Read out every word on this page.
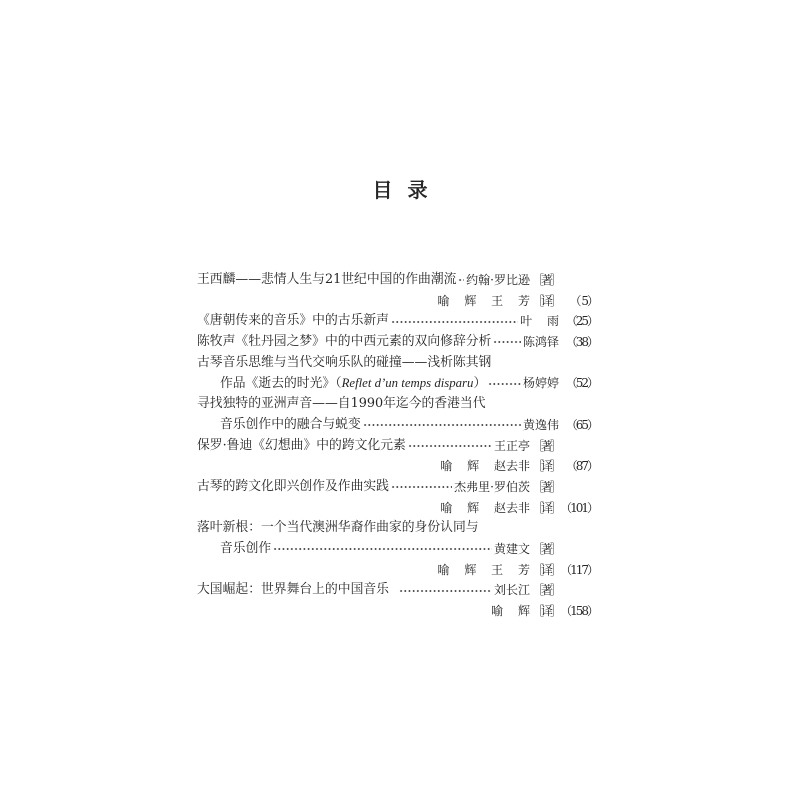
目 录
王西麟——悲情人生与21世纪中国的作曲潮流 约翰·罗比逊 ［著］
喻 辉 王 芳 ［译］ （ 5）
《唐朝传来的音乐》中的古乐新声	叶 雨 （25）
陈牧声《牡丹园之梦》中的中西元素的双向修辞分析	陈鸿铎 （38）
古琴音乐思维与当代交响乐队的碰撞——浅析陈其钢
作品《逝去的时光》（Reflet d’un temps disparu）	杨婷婷 （52）
寻找独特的亚洲声音——自1990年迄今的香港当代
音乐创作中的融合与蜕变	黄逸伟 （65）
保罗·鲁迪《幻想曲》中的跨文化元素	王正亭 ［著］
喻 辉 赵去非 ［译］ （87）
古琴的跨文化即兴创作及作曲实践	杰弗里·罗伯茨 ［著］
喻 辉 赵去非 ［译］ （101）
落叶新根：一个当代澳洲华裔作曲家的身份认同与
音乐创作	黄建文 ［著］
喻 辉 王 芳 ［译］ （117）
大国崛起：世界舞台上的中国音乐	刘长江 ［著］
喻 辉 ［译］ （158）
